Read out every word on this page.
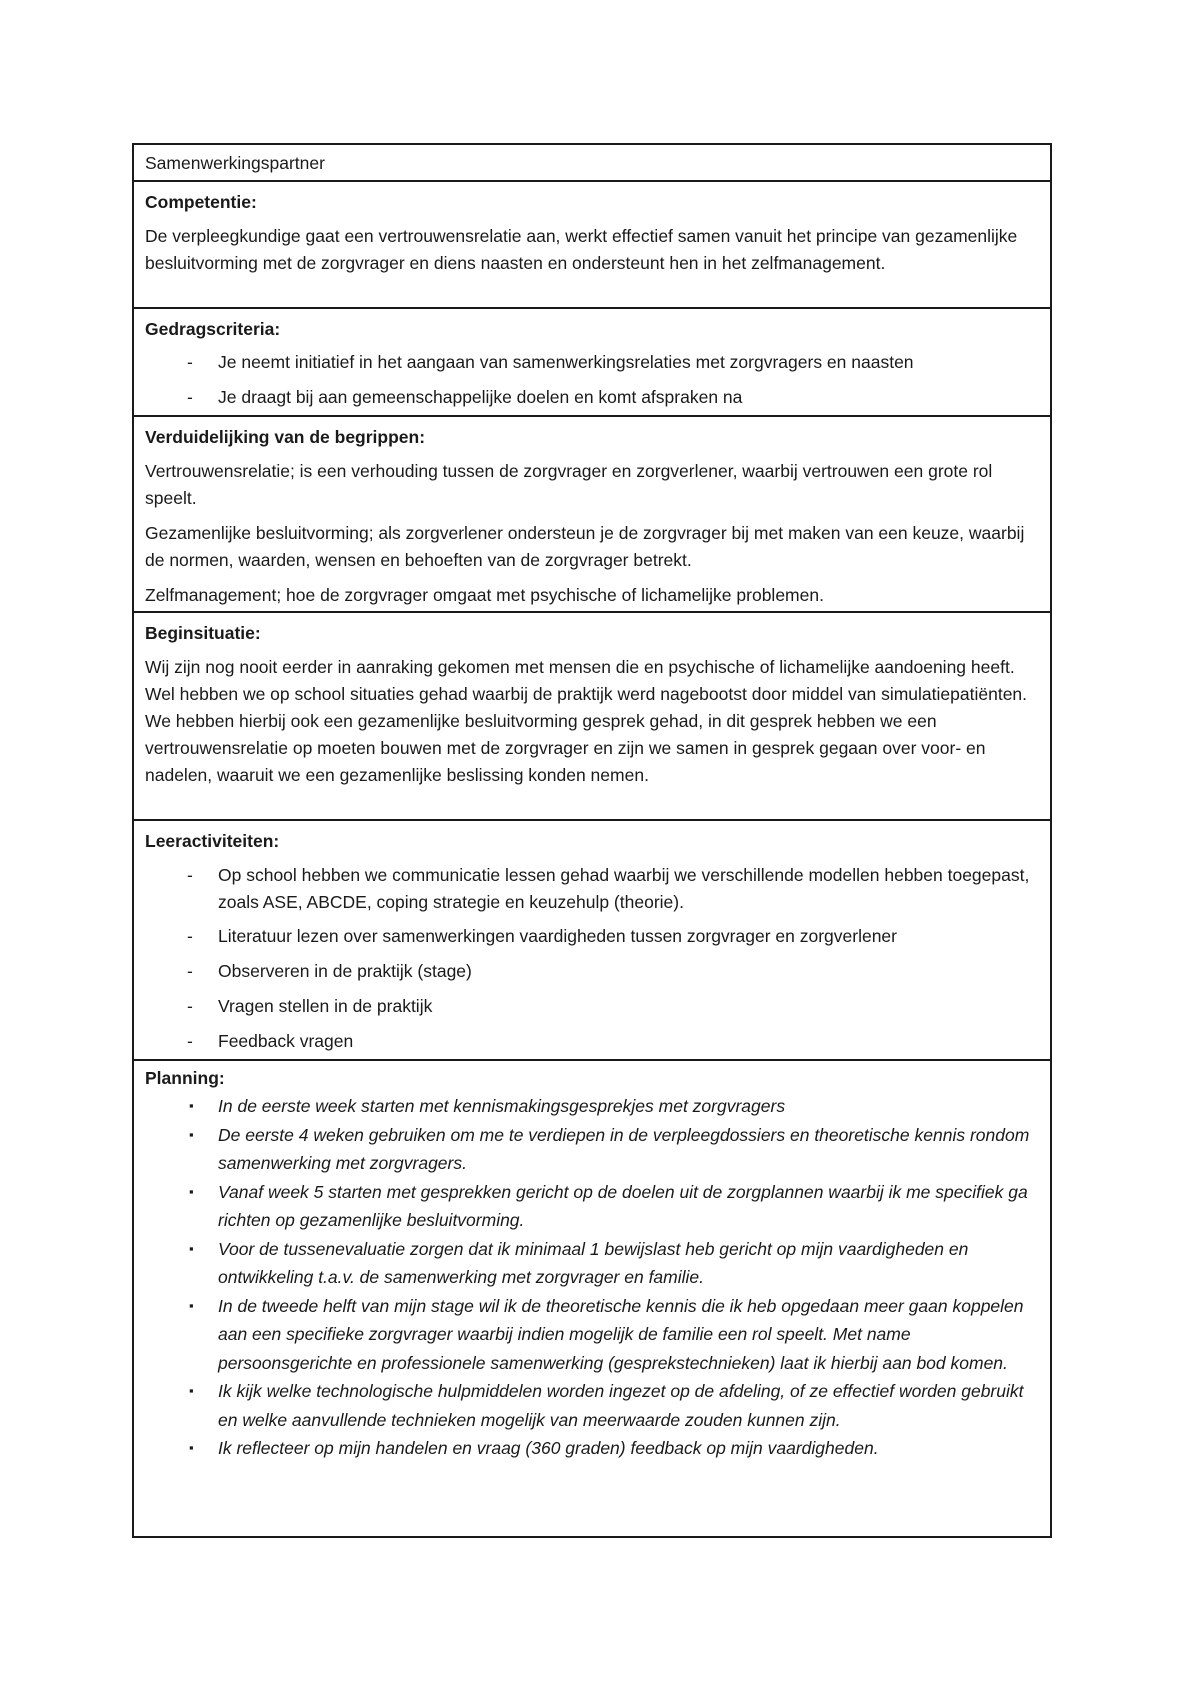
Samenwerkingspartner

Competentie:

De verpleegkundige gaat een vertrouwensrelatie aan, werkt effectief samen vanuit het principe van gezamenlijke besluitvorming met de zorgvrager en diens naasten en ondersteunt hen in het zelfmanagement.

Gedragscriteria:

- Je neemt initiatief in het aangaan van samenwerkingsrelaties met zorgvragers en naasten
- Je draagt bij aan gemeenschappelijke doelen en komt afspraken na

Verduidelijking van de begrippen:

Vertrouwensrelatie; is een verhouding tussen de zorgvrager en zorgverlener, waarbij vertrouwen een grote rol speelt.

Gezamenlijke besluitvorming; als zorgverlener ondersteun je de zorgvrager bij met maken van een keuze, waarbij de normen, waarden, wensen en behoeften van de zorgvrager betrekt.

Zelfmanagement; hoe de zorgvrager omgaat met psychische of lichamelijke problemen.

Beginsituatie:

Wij zijn nog nooit eerder in aanraking gekomen met mensen die en psychische of lichamelijke aandoening heeft. Wel hebben we op school situaties gehad waarbij de praktijk werd nagebootst door middel van simulatiepatiënten. We hebben hierbij ook een gezamenlijke besluitvorming gesprek gehad, in dit gesprek hebben we een vertrouwensrelatie op moeten bouwen met de zorgvrager en zijn we samen in gesprek gegaan over voor- en nadelen, waaruit we een gezamenlijke beslissing konden nemen.

Leeractiviteiten:

- Op school hebben we communicatie lessen gehad waarbij we verschillende modellen hebben toegepast, zoals ASE, ABCDE, coping strategie en keuzehulp (theorie).
- Literatuur lezen over samenwerkingen vaardigheden tussen zorgvrager en zorgverlener
- Observeren in de praktijk (stage)
- Vragen stellen in de praktijk
- Feedback vragen

Planning:

▪ In de eerste week starten met kennismakingsgesprekjes met zorgvragers
▪ De eerste 4 weken gebruiken om me te verdiepen in de verpleegdossiers en theoretische kennis rondom samenwerking met zorgvragers.
▪ Vanaf week 5 starten met gesprekken gericht op de doelen uit de zorgplannen waarbij ik me specifiek ga richten op gezamenlijke besluitvorming.
▪ Voor de tussenevaluatie zorgen dat ik minimaal 1 bewijslast heb gericht op mijn vaardigheden en ontwikkeling t.a.v. de samenwerking met zorgvrager en familie.
▪ In de tweede helft van mijn stage wil ik de theoretische kennis die ik heb opgedaan meer gaan koppelen aan een specifieke zorgvrager waarbij indien mogelijk de familie een rol speelt. Met name persoonsgerichte en professionele samenwerking (gesprekstechnieken) laat ik hierbij aan bod komen.
▪ Ik kijk welke technologische hulpmiddelen worden ingezet op de afdeling, of ze effectief worden gebruikt en welke aanvullende technieken mogelijk van meerwaarde zouden kunnen zijn.
▪ Ik reflecteer op mijn handelen en vraag (360 graden) feedback op mijn vaardigheden.
